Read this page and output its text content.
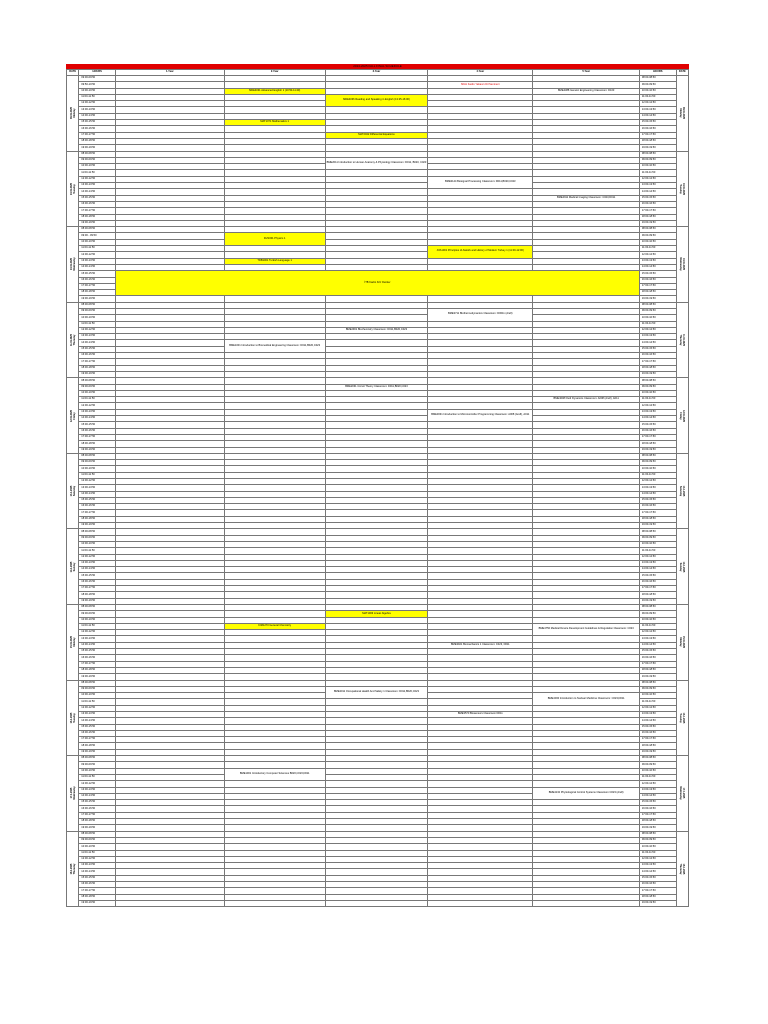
2024-2025 FALL FINAL SCHEDULE
DATE	HOURS	1.Year	2.Year	3.Year	4.Year	5.Year	HOURS	DATE

09.01.2025 Monday	09:00-09:50						08:00-08:50	09.01.2025
Monday

	09:50-10:50				MUH Kadro Yabancı Dil Semineri		09:00-09:50	
	10:00-10:50		MDE4031 Advanced English 1 (10:50-11:40)			BME4388 Genetic Engineering Classroom: D103	10:00-10:50	
	11:00-11:50			MDE4036 Reading and Speaking in English (13:25-16:00)			11:00-11:50	
	12:00-12:50						12:00-12:50	
	13:00-13:50						13:00-13:50	
	14:00-14:50						14:00-14:50	
	15:00-15:50		MAT1071 Mathematics 1				15:00-15:50	
	16:00-16:50						16:00-16:50	
	17:00-17:50			MAT2042 Differential Equations			17:00-17:50	
	18:00-18:50						18:00-18:50	
	19:00-19:50						19:00-19:50	

10.01.2025 Tuesday	08:00-08:50						08:00-08:50	10.01.2025
Tuesday

	09:00-09:50			BME2011 Introduction to Human Anatomy & Physiology Classroom: D011, B020, C023			09:00-09:50	
	10:00-10:50						10:00-10:50	
	11:00-11:50						11:00-11:50	
	12:00-12:50				BME3144 Biosignal Processing Classroom: D011,B020,C023		12:00-12:50	
	13:00-13:50						13:00-13:50	
	14:00-14:50						14:00-14:50	
	15:00-15:50					BME4911 Medical Imaging Classroom: C023,D011	15:00-15:50	
	16:00-16:50						16:00-16:50	
	17:00-17:50						17:00-17:50	
	18:00-18:50						18:00-18:50	
	19:00-19:50						19:00-19:50	

10.01.2025 Wednesday	08:00-08:50						08:00-08:50	10.01.2025
Wednesday

	09:00 - 09:50		FIZ1001 Physics 1				09:00-09:50	
	10:00-10:50						10:00-10:50	
	11:00-11:50				ATA1001 Principles of Atatürk and History of Modern Turkey 1 (11:00-12:00)		11:00-11:50	
	12:00-12:50						12:00-12:50	
	13:00-13:50		TDB1001 Turkish Language 1				13:00-13:50	
	14:00-14:50						14:00-14:50	
	15:00-15:50	İTB Kadro Kriz Dersler					15:00-15:50	
	16:00-16:50						16:00-16:50	
	17:00-17:50						17:00-17:50	
	18:00-18:50						18:00-18:50	
	19:00-19:50						19:00-19:50	

11.01.2025 Thursday	08:00-08:50						08:00-08:50	11.01.2025
Thursday

	09:00-09:50				BME3711 Biothermodynamics Classroom: D0011 (Arefl)		09:00-09:50	
	10:00-10:50						10:00-10:50	
	11:00-11:50						11:00-11:50	
	12:00-12:50			BME2901 Biochemistry Classroom: D011,B020,C023			12:00-12:50	
	13:00-13:50						13:00-13:50	
	14:00-14:50		BME1001 Introduction to Biomedical Engineering Classroom: D011,B020,C023				14:00-14:50	
	15:00-15:50						15:00-15:50	
	16:00-16:50						16:00-16:50	
	17:00-17:50						17:00-17:50	
	18:00-18:50						18:00-18:50	
	19:00-19:50						19:00-19:50	

12.01.2025 Friday	08:00-08:50						08:00-08:50	12.01.2025
Friday

	09:00-09:50			BME2031 Circuit Theory Classroom: D011,B020,C023			09:00-09:50	
	10:00-10:50						10:00-10:50	
	11:00-11:50					BME4008 Fluid Dynamics Classroom: A008 (Arefl), A011	11:00-11:50	
	12:00-12:50						12:00-12:50	
	13:00-13:50				BME3031 Introduction to Microcontroller Programming Classroom: A008 (Arefl), A011		13:00-13:50	
	14:00-14:50						14:00-14:50	
	15:00-15:50						15:00-15:50	
	16:00-16:50						16:00-16:50	
	17:00-17:50						17:00-17:50	
	18:00-18:50						18:00-18:50	
	19:00-19:50						19:00-19:50	

13.1.2025 Saturday	08:00-08:50						08:00-08:50	13.1.2025
Saturday

	09:00-09:50						09:00-09:50	
	10:00-10:50						10:00-10:50	
	11:00-11:50						11:00-11:50	
	12:00-12:50						12:00-12:50	
	13:00-13:50						13:00-13:50	
	14:00-14:50						14:00-14:50	
	15:00-15:50						15:00-15:50	
	16:00-16:50						16:00-16:50	
	17:00-17:50						17:00-17:50	
	18:00-18:50						18:00-18:50	
	19:00-19:50						19:00-19:50	

14.1.2025 Sunday	08:00-08:50						08:00-08:50	14.1.2025
Sunday

	09:00-09:50						09:00-09:50	
	10:00-10:50						10:00-10:50	
	11:00-11:50						11:00-11:50	
	12:00-12:50						12:00-12:50	
	13:00-13:50						13:00-13:50	
	14:00-14:50						14:00-14:50	
	15:00-15:50						15:00-15:50	
	16:00-16:50						16:00-16:50	
	17:00-17:50						17:00-17:50	
	18:00-18:50						18:00-18:50	
	19:00-19:50						19:00-19:50	

15.01.2025 Monday	08:00-08:50						08:00-08:50	15.01.2025
Monday

	09:00-09:50			MAT1003 Linear Algebra			09:00-09:50	
	10:00-10:50						10:00-10:50	
	11:00-11:50		KIM1270 General Chemistry			BME4750 Medical Device Development Guidelines & Regulation Classroom: C023	11:00-11:50	
	12:00-12:50						12:00-12:50	
	13:00-13:50						13:00-13:50	
	14:00-14:50				BME3921 Biomechanics 1 Classroom: C023, D011		14:00-14:50	
	15:00-15:50						15:00-15:50	
	16:00-16:50						16:00-16:50	
	17:00-17:50						17:00-17:50	
	18:00-18:50						18:00-18:50	
	19:00-19:50						19:00-19:50	

16.1.2025 Tuesday	08:00-08:50						08:00-08:50	16.1.2025
Tuesday

	09:00-09:50			BME2011 Occupational Health And Safety 1 Classroom: D011,B020,C023			09:00-09:50	
	10:00-10:50					BME4030 Introduction to Nuclear Medicine Classroom: C023,D011	10:00-10:50	
	11:00-11:50						11:00-11:50	
	12:00-12:50						12:00-12:50	
	13:00-13:50				BME3570 Biosensors Classroom:D011		13:00-13:50	
	14:00-14:50						14:00-14:50	
	15:00-15:50						15:00-15:50	
	16:00-16:50						16:00-16:50	
	17:00-17:50						17:00-17:50	
	18:00-18:50						18:00-18:50	
	19:00-19:50						19:00-19:50	

17.1.2025 Wednesday	08:00-08:50						08:00-08:50	17.1.2025
Wednesday

	09:00-09:50						09:00-09:50	
	10:00-10:50		BME1001 Introductory Computer Sciences B020,C023,D011				10:00-10:50	
	11:00-11:50						11:00-11:50	
	12:00-12:50						12:00-12:50	
	13:00-13:50					BME4132 Physiological Control Systems Classroom:C023 (Arefl)	13:00-13:50	
	14:00-14:50						14:00-14:50	
	15:00-15:50						15:00-15:50	
	16:00-16:50						16:00-16:50	
	17:00-17:50						17:00-17:50	
	18:00-18:50						18:00-18:50	
	19:00-19:50						19:00-19:50	

18.1.2025 Thursday	08:00-08:50						08:00-08:50	18.1.2025
Thursday

	09:00-09:50						09:00-09:50	
	10:00-10:50						10:00-10:50	
	11:00-11:50						11:00-11:50	
	12:00-12:50						12:00-12:50	
	13:00-13:50						13:00-13:50	
	14:00-14:50						14:00-14:50	
	15:00-15:50						15:00-15:50	
	16:00-16:50						16:00-16:50	
	17:00-17:50						17:00-17:50	
	18:00-18:50						18:00-18:50	
	19:00-19:50						19:00-19:50	
